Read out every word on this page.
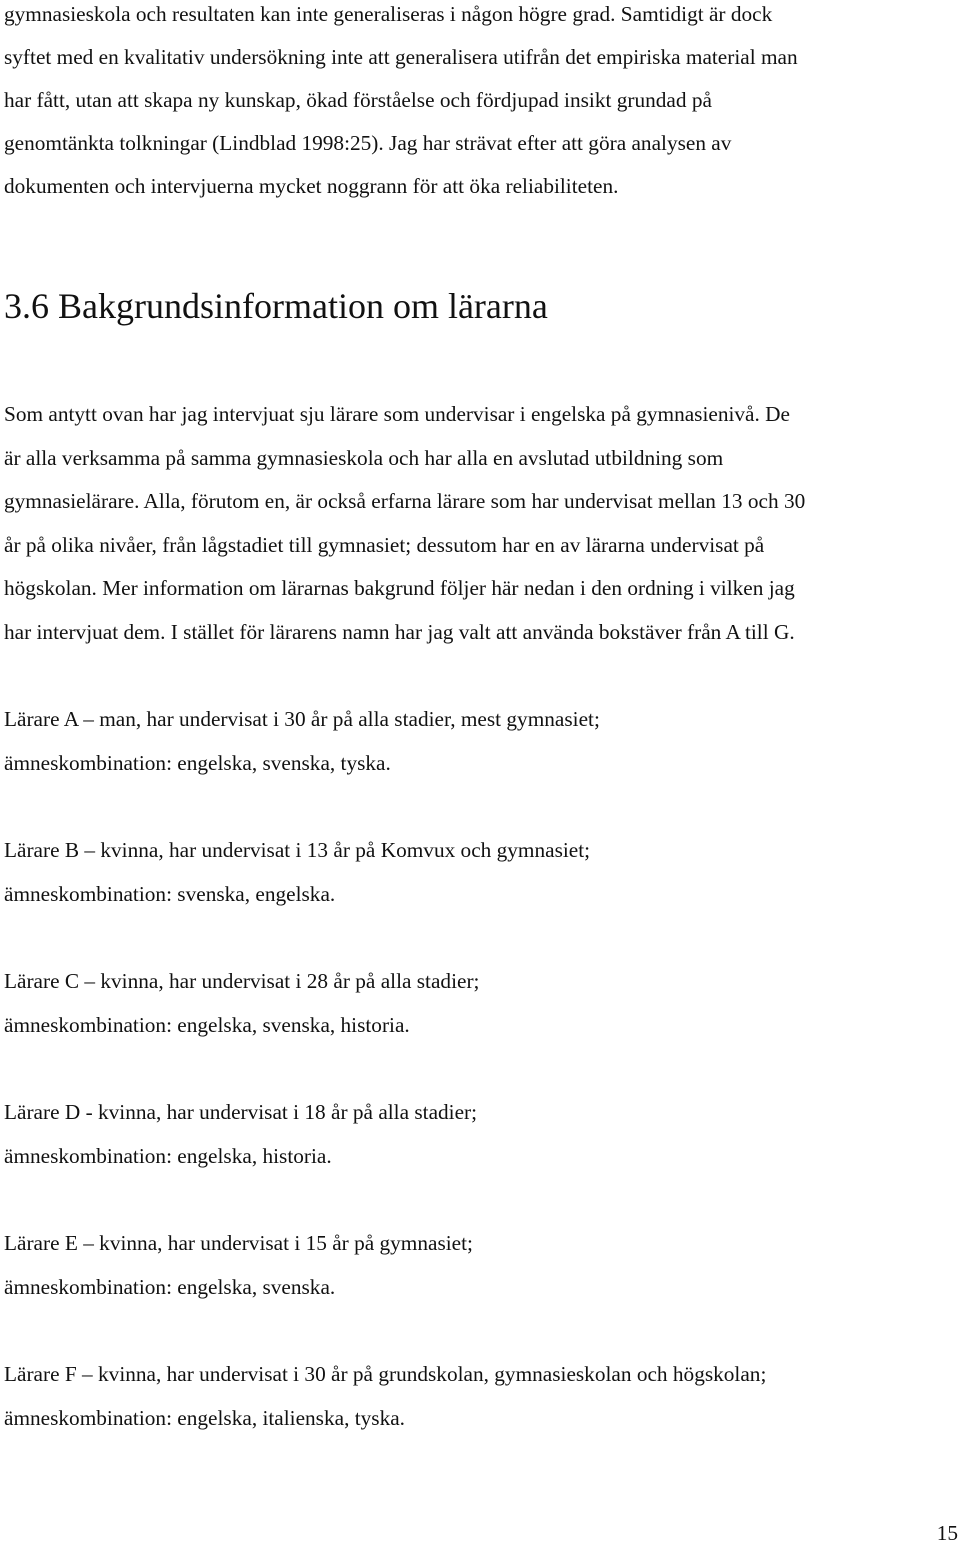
gymnasieskola och resultaten kan inte generaliseras i någon högre grad. Samtidigt är dock
syftet med en kvalitativ undersökning inte att generalisera utifrån det empiriska material man
har fått, utan att skapa ny kunskap, ökad förståelse och fördjupad insikt grundad på
genomtänkta tolkningar (Lindblad 1998:25). Jag har strävat efter att göra analysen av
dokumenten och intervjuerna mycket noggrann för att öka reliabiliteten.
3.6 Bakgrundsinformation om lärarna
Som antytt ovan har jag intervjuat sju lärare som undervisar i engelska på gymnasienivå. De
är alla verksamma på samma gymnasieskola och har alla en avslutad utbildning som
gymnasielärare. Alla, förutom en, är också erfarna lärare som har undervisat mellan 13 och 30
år på olika nivåer, från lågstadiet till gymnasiet; dessutom har en av lärarna undervisat på
högskolan. Mer information om lärarnas bakgrund följer här nedan i den ordning i vilken jag
har intervjuat dem. I stället för lärarens namn har jag valt att använda bokstäver från A till G.
Lärare A – man, har undervisat i 30 år på alla stadier, mest gymnasiet;
ämneskombination: engelska, svenska, tyska.
Lärare B – kvinna, har undervisat i 13 år på Komvux och gymnasiet;
ämneskombination: svenska, engelska.
Lärare C – kvinna, har undervisat i 28 år på alla stadier;
ämneskombination: engelska, svenska, historia.
Lärare D - kvinna, har undervisat i 18 år på alla stadier;
ämneskombination: engelska, historia.
Lärare E – kvinna, har undervisat i 15 år på gymnasiet;
ämneskombination: engelska, svenska.
Lärare F – kvinna, har undervisat i 30 år på grundskolan, gymnasieskolan och högskolan;
ämneskombination: engelska, italienska, tyska.
15
